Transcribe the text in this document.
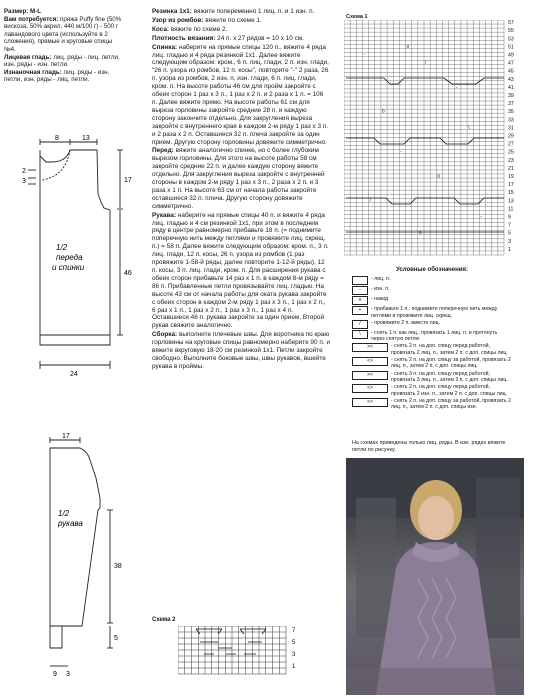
Размер: M-L

Вам потребуется: пряжа Puffy fine (50% вискоза, 50% акрил, 440 м/100 г) - 500 г лавандового цвета (используйте в 2 сложения), прямые и круговые спицы №4.

Лицевая гладь: лиц. ряды - лиц. петли, изн. ряды - изн. петли.

Изнаночная гладь: лиц. ряды - изн. петли, изн. ряды - лиц. петли.

8	13
2
3	17
46
24
1/2
переда
и спинки
17
38
5
9 3
1/2
рукава

Резинка 1x1: вяжите попеременно 1 лиц. п. и 1 изн. п.

Узор из ромбов: вяжите по схеме 1.

Коса: вяжите по схеме 2.

Плотность вязания: 24 п. x 27 рядов = 10 x 10 см.

Спинка: наберите на прямые спицы 120 п., вяжите 4 ряда лиц. гладью и 4 ряда резинкой 1x1. Далее вяжите следующим образом: кром., 6 п. лиц. глади, 2 п. изн. глади, "26 п. узора из ромбов, 12 п. косы", повторите "-" 2 раза, 26 п. узора из ромбов, 2 изн. п. изн. глади, 6 п. лиц. глади, кром. п. На высоте работы 46 см для пройм закройте с обеих сторон 1 раз x 3 п., 1 раз x 2 п. и 2 раза x 1 п. = 106 п. Далее вяжите прямо. На высоте работы 61 см для выреза горловины закройте средние 28 п. и каждую сторону закончите отдельно. Для закругления выреза закройте с внутреннего края в каждом 2-м ряду 1 раз x 3 п. и 2 раза x 2 п. Оставшиеся 32 п. плеча закройте за один прием. Другую сторону горловины довяжите симметрично.

Перед: вяжите аналогично спинке, но с более глубоким вырезом горловины. Для этого на высоте работы 58 см закройте средние 22 п. и далее каждую сторону вяжите отдельно. Для закругления выреза закройте с внутренней стороны в каждом 2-м ряду 1 раз x 3 п., 2 раза x 2 п. и 3 раза x 1 п. На высоте 63 см от начала работы закройте оставшиеся 32 п. плеча. Другую сторону довяжите симметрично.

Рукава: наберите на прямые спицы 40 п. и вяжите 4 ряда лиц. гладью и 4 см резинкой 1x1, при этом в последнем ряду в центре равномерно прибавьте 18 п. (= поднимите поперечную нить между петлями и провяжите лиц. скрещ. п.) = 58 п. Далее вяжите следующим образом: кром. п., 3 п. лиц. глади, 12 п. косы, 26 п. узора из ромбов (1 раз провяжите 1-58-й ряды, далее повторите 1-12-й ряды), 12 п. косы, 3 п. лиц. глади, кром. п. Для расширения рукава с обеих сторон прибавьте 14 раз x 1 п. в каждом 8-м ряду = 86 п. Прибавленные петли провязывайте лиц. гладью. На высоте 43 см от начала работы для оката рукава закройте с обеих сторон в каждом 2-м ряду 1 раз x 3 п., 1 раз x 2 п., 6 раз x 1 п., 1 раз x 2 п., 1 раз x 3 п., 1 раз x 4 п. Оставшиеся 46 п. рукава закройте за один прием. Второй рукав свяжите аналогично.

Сборка: выполните плечевые швы. Для воротника по краю горловины на круговые спицы равномерно наберите 90 п. и вяжите вкруговую 18-20 см резинкой 1x1. Петли закройте свободно. Выполните боковые швы, швы рукавов, вшейте рукава в проймы.

Схема 2
7
5
3
1
Схема 1
-
o
/
-
o
\
-
o
/
-
o
57
55
53
51
49
47
45
43
41
39
37
35
33
31
29
27
25
23
21
19
17
15
13
11
9
7
5
3
1
Условные обозначения:
- лиц. п.
-	- изн. п.
o	- накид
+	- прибавьте 1 п.: поднимите поперечную нить между петлями и провяжите лиц. скрещ.
/	- провяжите 2 п. вместе лиц.
\	- снять 1 п. как лиц., провязать 1 лиц. п. и протянуть через снятую петлю
><	- снять 2 п. на доп. спицу перед работой, провязать 2 лиц. п., затем 2 п. с доп. спицы лиц.
<>	- снять 2 п. на доп. спицу за работой, провязать 2 лиц. п., затем 2 п. с доп. спицы лиц.
><	- снять 3 п. на доп. спицу перед работой, провязать 3 лиц. п., затем 3 п. с доп. спицы лиц.
<>	- снять 2 п. на доп. спицу перед работой, провязать 2 изн. п., затем 2 п. с доп. спицы лиц.
<>	- снять 2 п. на доп. спицу за работой, провязать 2 лиц. п., затем 2 п. с доп. спицы изн.
На схемах приведены только лиц. ряды. В изн. рядах вяжите петли по рисунку.
